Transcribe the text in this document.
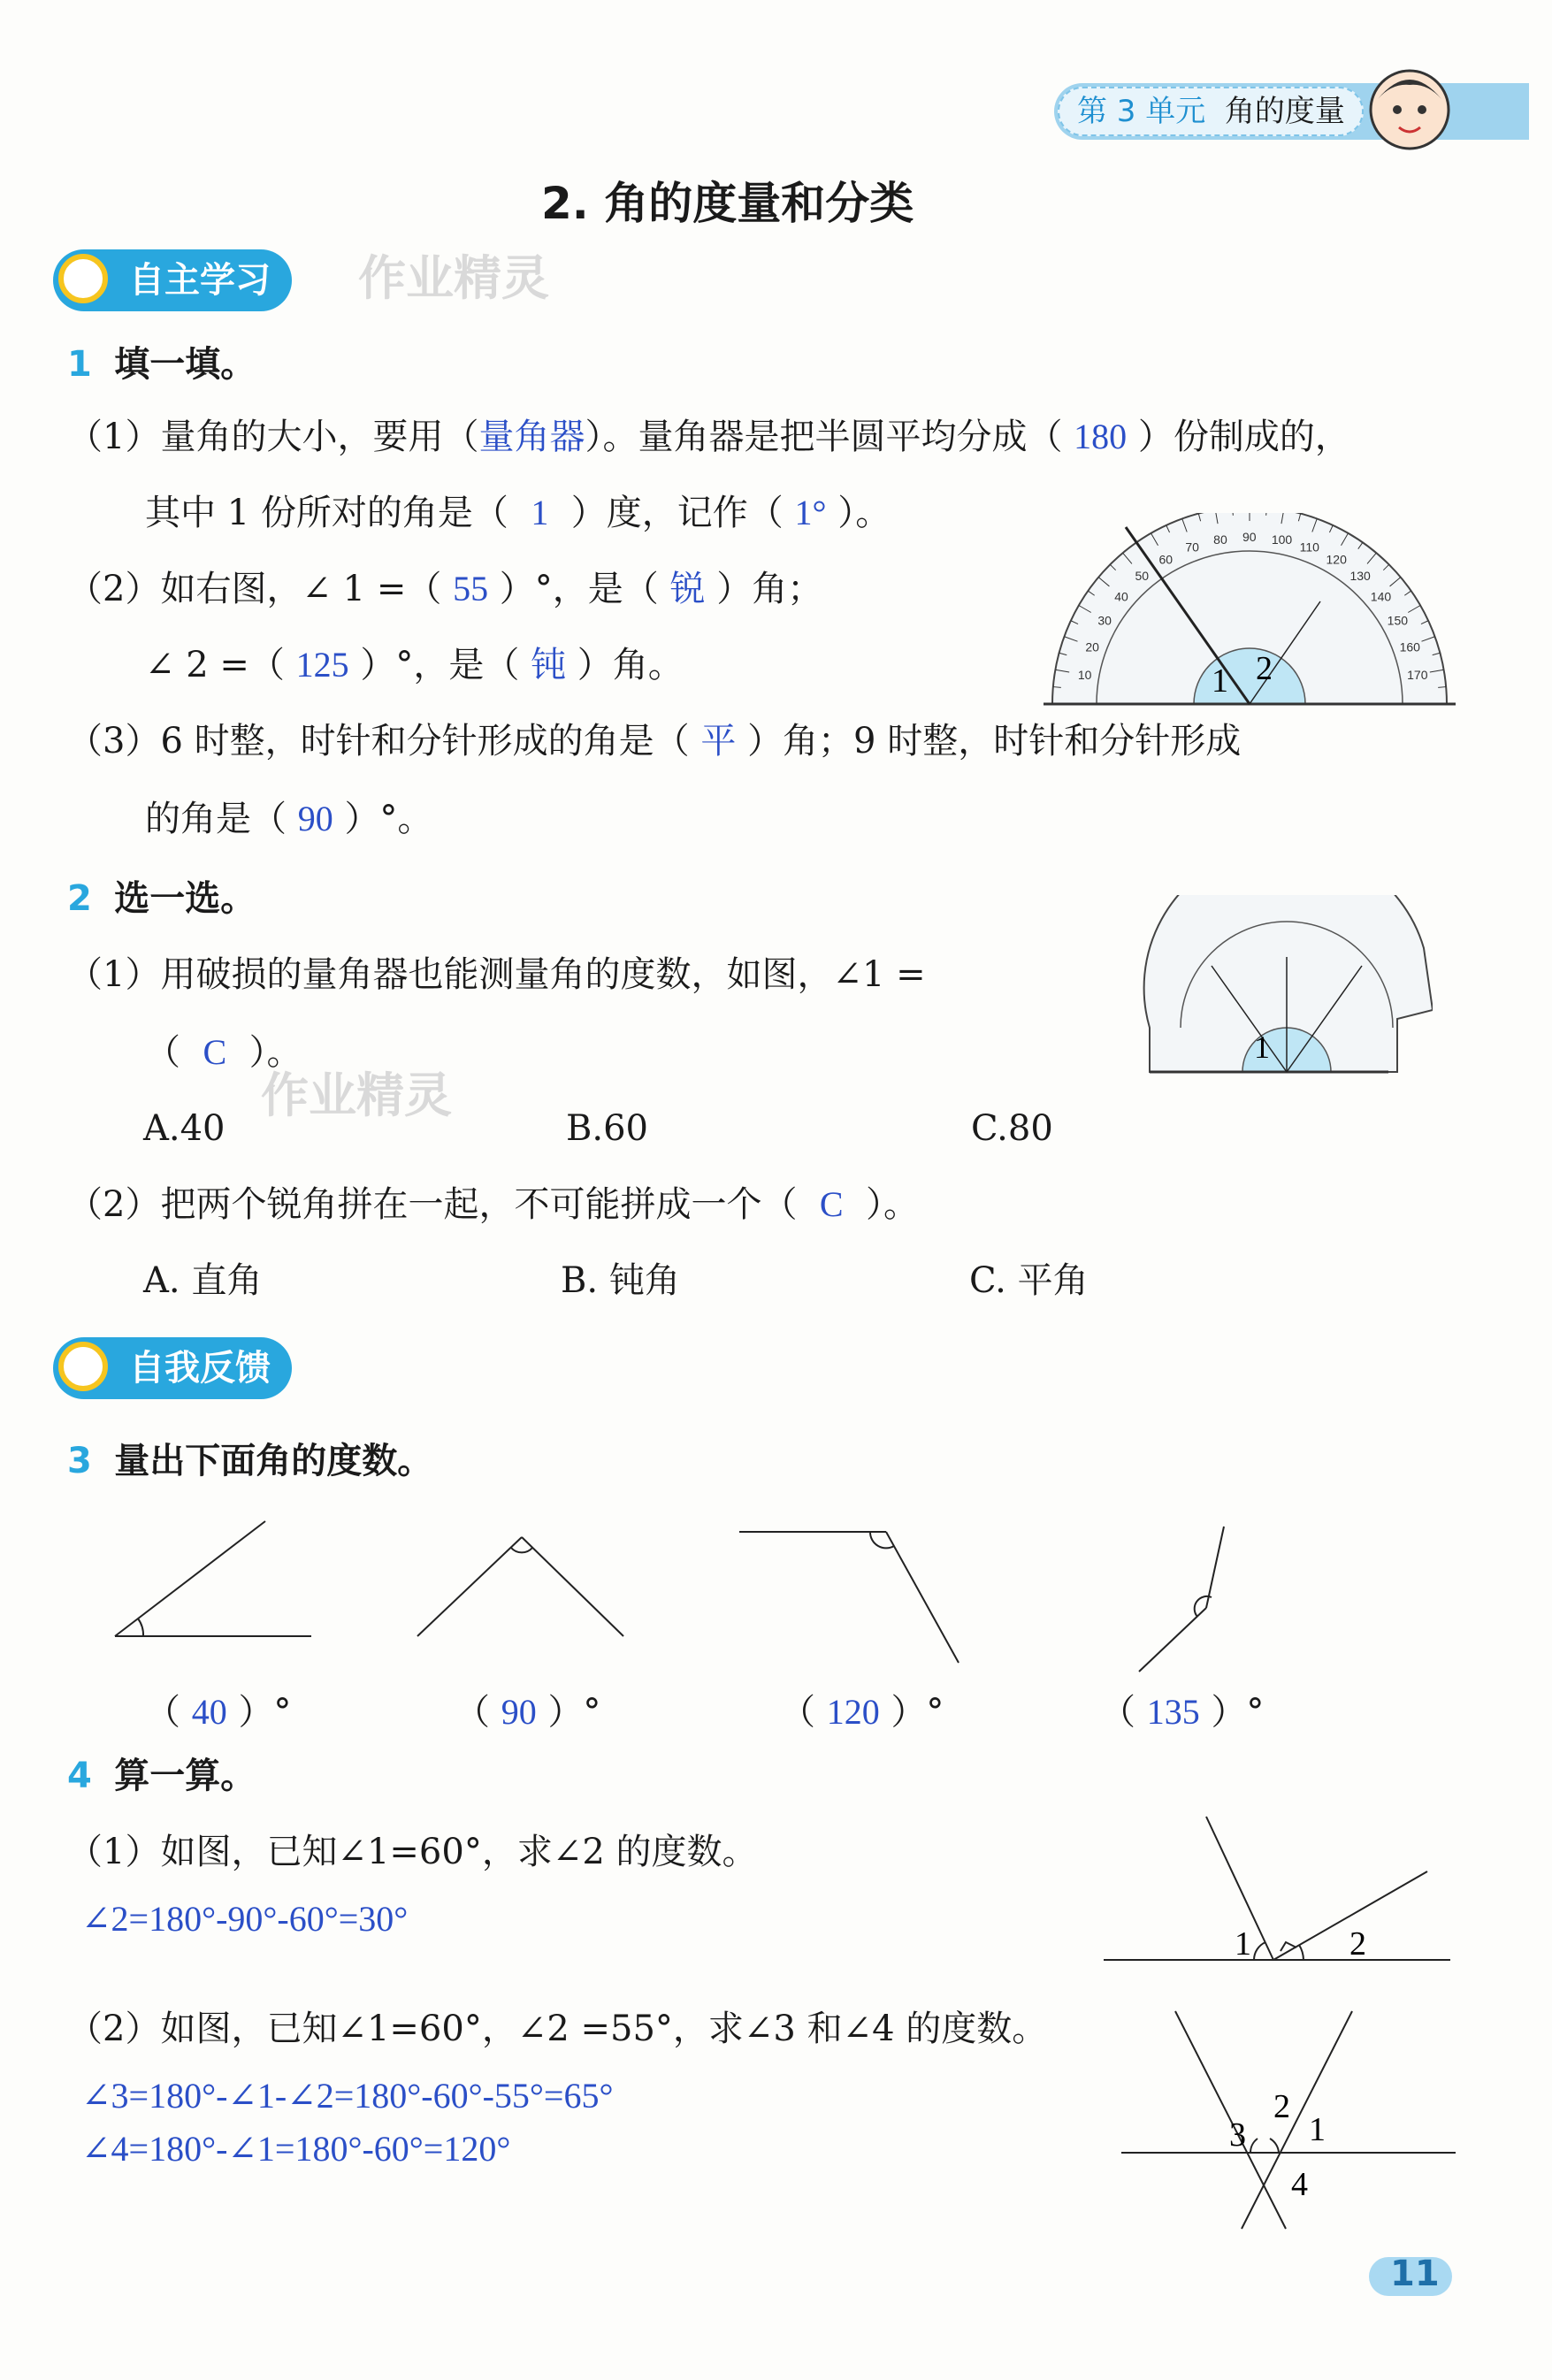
第 3 单元 角的度量
2. 角的度量和分类
自主学习	作业精灵
1 填一填。
（1）量角的大小，要用（量角器）。量角器是把半圆平均分成（ 180 ）份制成的，
其中 1 份所对的角是（ 1 ）度，记作（ 1° ）。
（2）如右图，∠ 1 =（ 55 ）°，是（ 锐 ）角；
∠ 2 =（ 125 ）°，是（ 钝 ）角。
（3）6 时整，时针和分针形成的角是（ 平 ）角；9 时整，时针和分针形成
的角是（ 90 ）°。
1 2
10
20
30
40
50
60
70
80 90 100
110
120
130
140
150
160
170
2 选一选。
（1）用破损的量角器也能测量角的度数，如图，∠1 =
（ C ）。
作业精灵
A.40	B.60	C.80
（2）把两个锐角拼在一起，不可能拼成一个（ C ）。
A. 直角	B. 钝角	C. 平角
1
自我反馈
3 量出下面角的度数。
（ 40 ）°	（ 90 ）°	（ 120 ）°	（ 135 ）°
4 算一算。
（1）如图，已知∠1=60°，求∠2 的度数。
∠2=180°-90°-60°=30°
1	2
（2）如图，已知∠1=60°，∠2 =55°，求∠3 和∠4 的度数。
∠3=180°-∠1-∠2=180°-60°-55°=65°
∠4=180°-∠1=180°-60°=120°
2
1
3
4
11
